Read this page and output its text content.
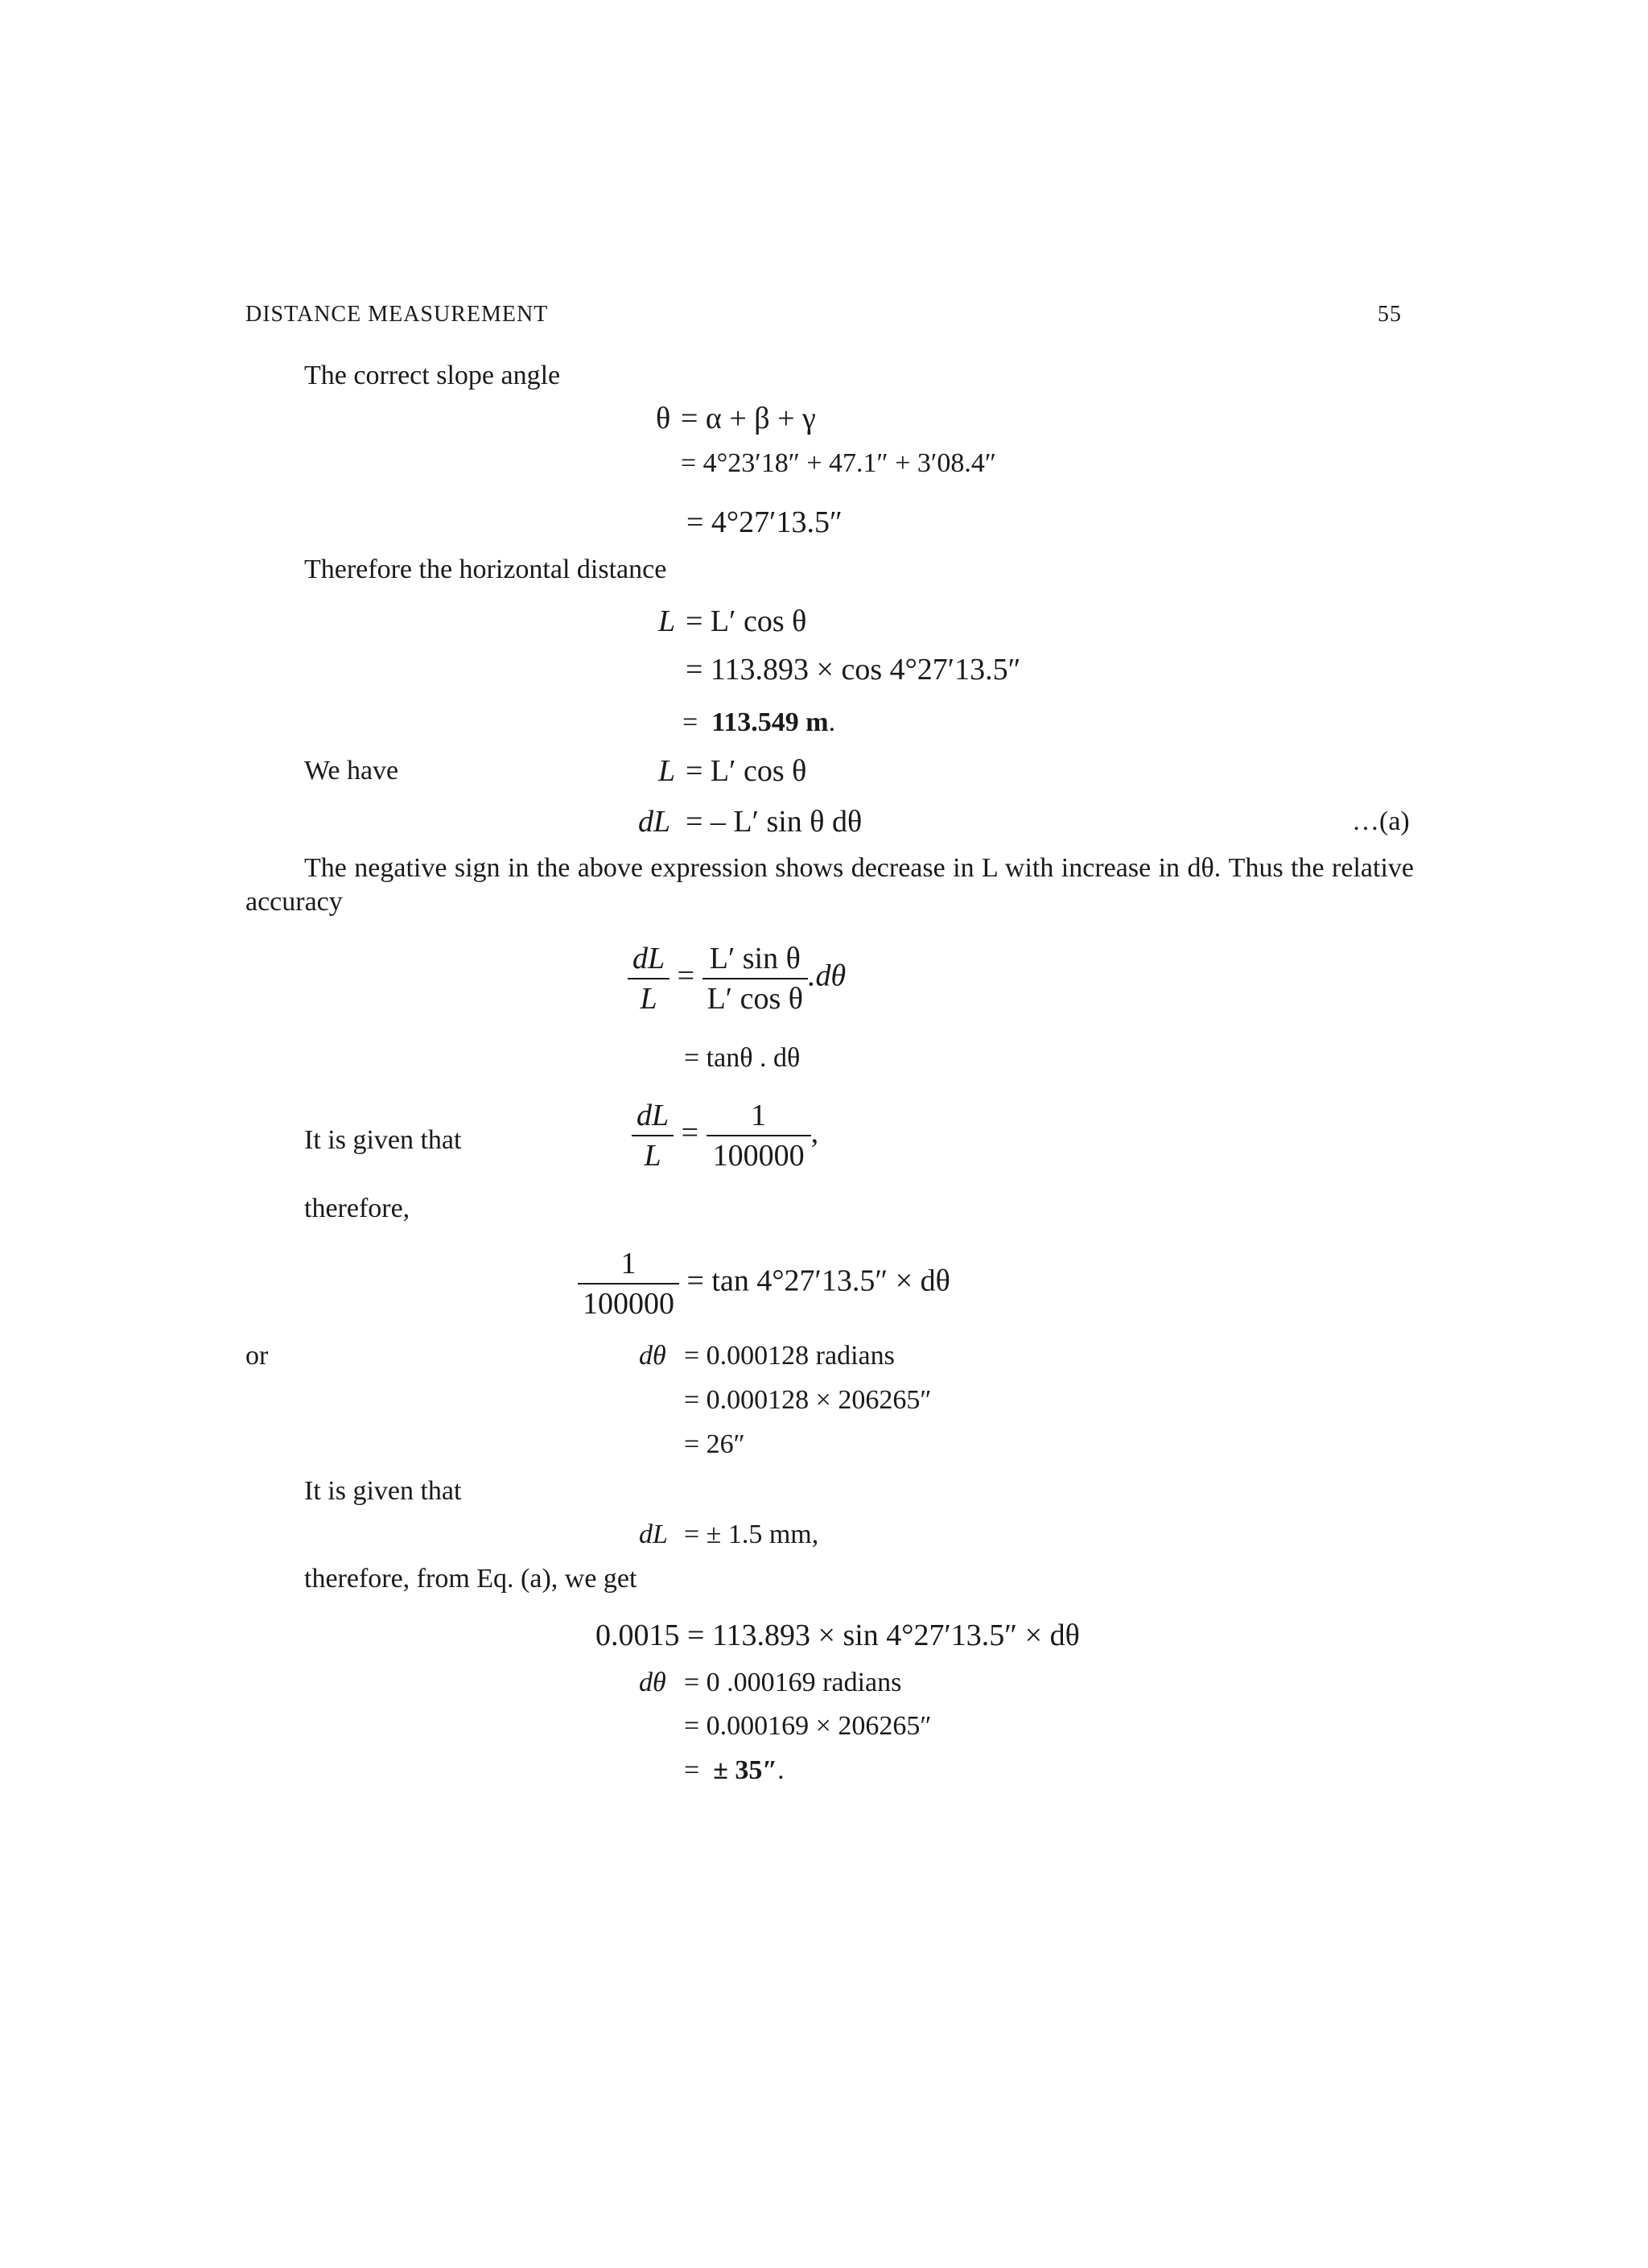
DISTANCE MEASUREMENT	55
The correct slope angle
θ = α + β + γ
= 4°23′18″ + 47.1″ + 3′08.4″
= 4°27′13.5″
Therefore the horizontal distance
L = L′ cos θ
= 113.893 × cos 4°27′13.5″
= 113.549 m.
We have	L = L′ cos θ
dL = – L′ sin θ dθ	…(a)
The negative sign in the above expression shows decrease in L with increase in dθ. Thus the relative accuracy
$\frac{dL}{L} = \frac{\text{L′ sin θ}}{\text{L′ cos θ}} .d\theta$
= tanθ . dθ
It is given that	$\frac{dL}{L} = \frac{1}{100000}$ ,
therefore,
$\frac{1}{100000} = \tan 4^\circ 27'13.5'' \times d\theta$
or	dθ = 0.000128 radians
= 0.000128 × 206265″
= 26″
It is given that
dL = ± 1.5 mm,
therefore, from Eq. (a), we get
0.0015 = 113.893 × sin 4°27′13.5″ × dθ
dθ = 0 .000169 radians
= 0.000169 × 206265″
= ± 35″.
